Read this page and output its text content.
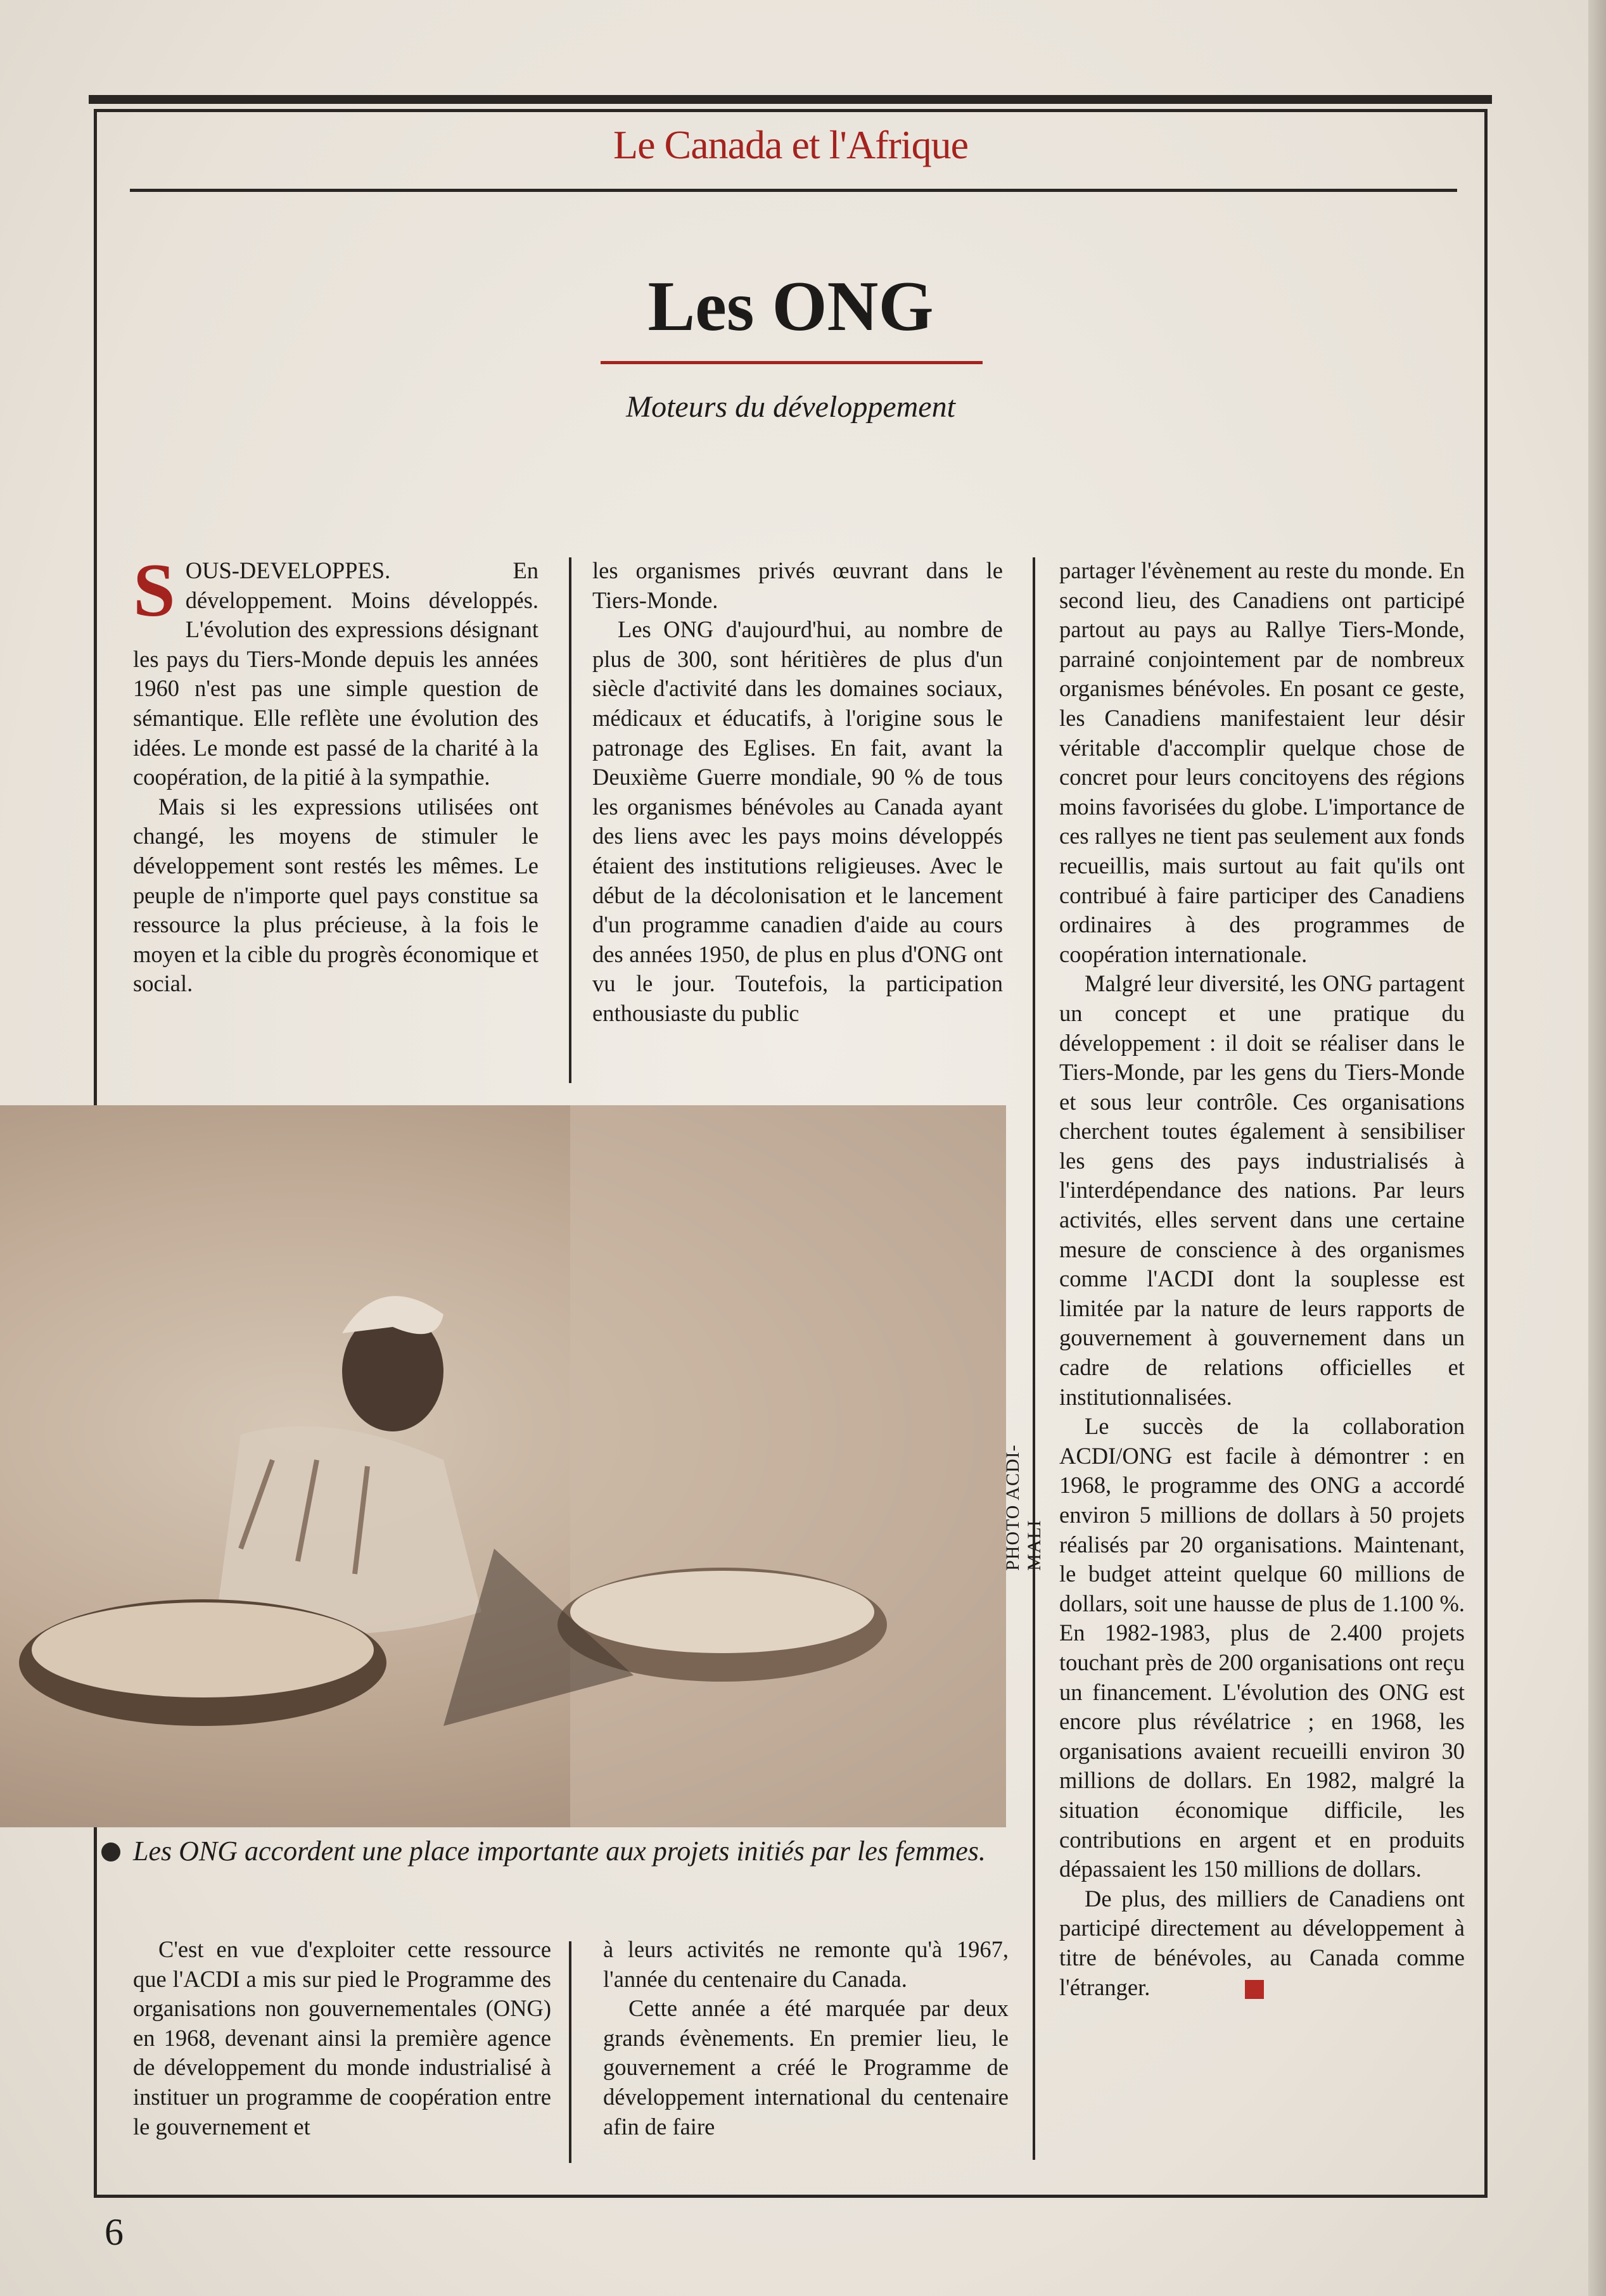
Le Canada et l'Afrique
Les ONG
Moteurs du développement

S OUS-DEVELOPPES. En développement. Moins développés. L'évolution des expressions désignant les pays du Tiers-Monde depuis les années 1960 n'est pas une simple question de sémantique. Elle reflète une évolution des idées. Le monde est passé de la charité à la coopération, de la pitié à la sympathie.

Mais si les expressions utilisées ont changé, les moyens de stimuler le développement sont restés les mêmes. Le peuple de n'importe quel pays constitue sa ressource la plus précieuse, à la fois le moyen et la cible du progrès économique et social.

les organismes privés œuvrant dans le Tiers-Monde.

Les ONG d'aujourd'hui, au nombre de plus de 300, sont héritières de plus d'un siècle d'activité dans les domaines sociaux, médicaux et éducatifs, à l'origine sous le patronage des Eglises. En fait, avant la Deuxième Guerre mondiale, 90 % de tous les organismes bénévoles au Canada ayant des liens avec les pays moins développés étaient des institutions religieuses. Avec le début de la décolonisation et le lancement d'un programme canadien d'aide au cours des années 1950, de plus en plus d'ONG ont vu le jour. Toutefois, la participation enthousiaste du public

partager l'évènement au reste du monde. En second lieu, des Canadiens ont participé partout au pays au Rallye Tiers-Monde, parrainé conjointement par de nombreux organismes bénévoles. En posant ce geste, les Canadiens manifestaient leur désir véritable d'accomplir quelque chose de concret pour leurs concitoyens des régions moins favorisées du globe. L'importance de ces rallyes ne tient pas seulement aux fonds recueillis, mais surtout au fait qu'ils ont contribué à faire participer des Canadiens ordinaires à des programmes de coopération internationale.

Malgré leur diversité, les ONG partagent un concept et une pratique du développement : il doit se réaliser dans le Tiers-Monde, par les gens du Tiers-Monde et sous leur contrôle. Ces organisations cherchent toutes également à sensibiliser les gens des pays industrialisés à l'interdépendance des nations. Par leurs activités, elles servent dans une certaine mesure de conscience à des organismes comme l'ACDI dont la souplesse est limitée par la nature de leurs rapports de gouvernement à gouvernement dans un cadre de relations officielles et institutionnalisées.

Le succès de la collaboration ACDI/ONG est facile à démontrer : en 1968, le programme des ONG a accordé environ 5 millions de dollars à 50 projets réalisés par 20 organisations. Maintenant, le budget atteint quelque 60 millions de dollars, soit une hausse de plus de 1.100 %. En 1982-1983, plus de 2.400 projets touchant près de 200 organisations ont reçu un financement. L'évolution des ONG est encore plus révélatrice ; en 1968, les organisations avaient recueilli environ 30 millions de dollars. En 1982, malgré la situation économique difficile, les contributions en argent et en produits dépassaient les 150 millions de dollars.

De plus, des milliers de Canadiens ont participé directement au développement à titre de bénévoles, au Canada comme l'étranger.

PHOTO ACDI-MALI
Les ONG accordent une place importante aux projets initiés par les femmes.

C'est en vue d'exploiter cette ressource que l'ACDI a mis sur pied le Programme des organisations non gouvernementales (ONG) en 1968, devenant ainsi la première agence de développement du monde industrialisé à instituer un programme de coopération entre le gouvernement et

à leurs activités ne remonte qu'à 1967, l'année du centenaire du Canada.

Cette année a été marquée par deux grands évènements. En premier lieu, le gouvernement a créé le Programme de développement international du centenaire afin de faire

6
